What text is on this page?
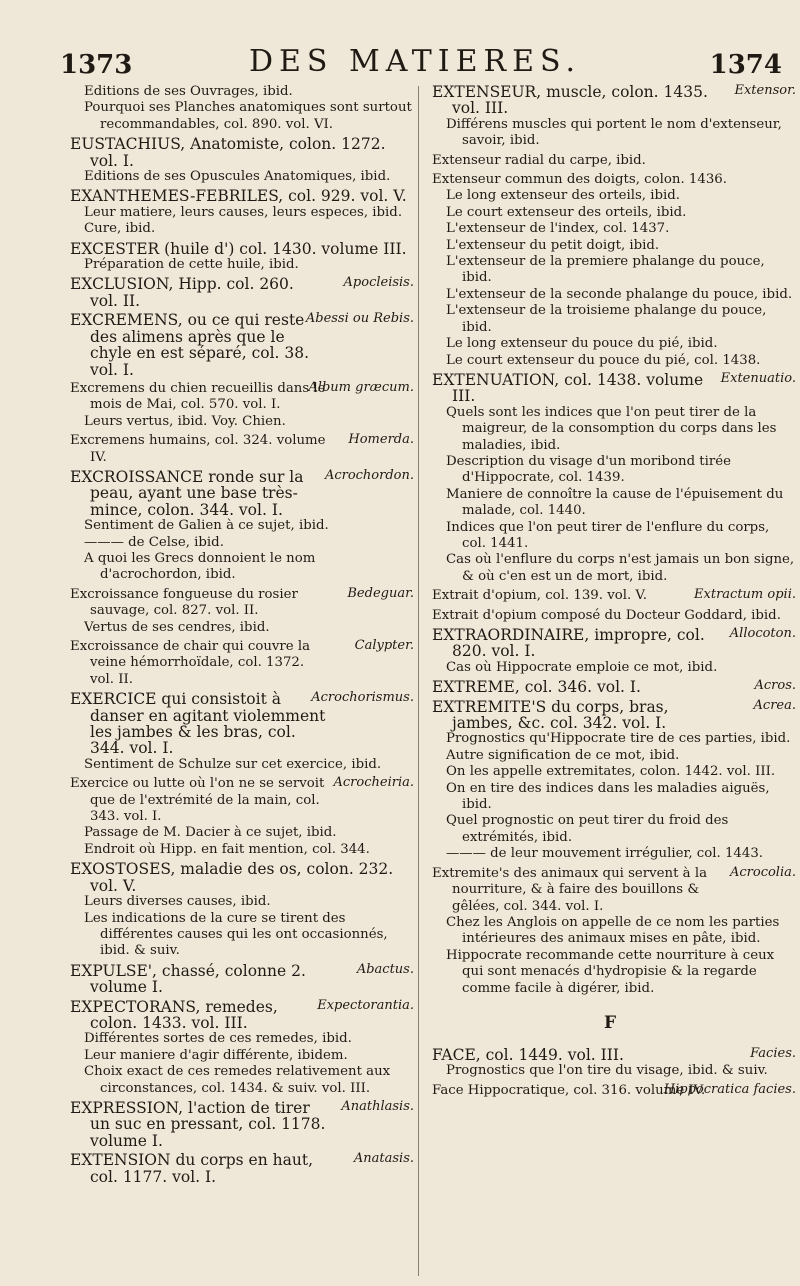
1373	DES MATIERES.	1374
Editions de ses Ouvrages, ibid.
Pourquoi ses Planches anatomiques sont surtout recommandables, col. 890. vol. VI.
EUSTACHIUS, Anatomiste, colon. 1272. vol. I.
Editions de ses Opuscules Anatomiques, ibid.
EXANTHEMES-FEBRILES, col. 929. vol. V.
Leur matiere, leurs causes, leurs especes, ibid.
Cure, ibid.
EXCESTER (huile d') col. 1430. volume III.
Préparation de cette huile, ibid.
Apocleisis.
EXCLUSION, Hipp. col. 260. vol. II.
Abessi ou Rebis.
EXCREMENS, ou ce qui reste des alimens après que le chyle en est séparé, col. 38. vol. I.
Album græcum.
Excremens du chien recueillis dans le mois de Mai, col. 570. vol. I.
Leurs vertus, ibid. Voy. Chien.
Homerda.
Excremens humains, col. 324. volume IV.
Acrochordon.
EXCROISSANCE ronde sur la peau, ayant une base très-mince, colon. 344. vol. I.
Sentiment de Galien à ce sujet, ibid.
——— de Celse, ibid.
A quoi les Grecs donnoient le nom d'acrochordon, ibid.
Bedeguar.
Excroissance fongueuse du rosier sauvage, col. 827. vol. II.
Vertus de ses cendres, ibid.
Calypter.
Excroissance de chair qui couvre la veine hémorrhoïdale, col. 1372. vol. II.
Acrochorismus.
EXERCICE qui consistoit à danser en agitant violemment les jambes & les bras, col. 344. vol. I.
Sentiment de Schulze sur cet exercice, ibid.
Acrocheiria.
Exercice ou lutte où l'on ne se servoit que de l'extrémité de la main, col. 343. vol. I.
Passage de M. Dacier à ce sujet, ibid.
Endroit où Hipp. en fait mention, col. 344.
EXOSTOSES, maladie des os, colon. 232. vol. V.
Leurs diverses causes, ibid.
Les indications de la cure se tirent des différentes causes qui les ont occasionnés, ibid. & suiv.
Abactus.
EXPULSE', chassé, colonne 2. volume I.
Expectorantia.
EXPECTORANS, remedes, colon. 1433. vol. III.
Différentes sortes de ces remedes, ibid.
Leur maniere d'agir différente, ibidem.
Choix exact de ces remedes relativement aux circonstances, col. 1434. & suiv. vol. III.
Anathlasis.
EXPRESSION, l'action de tirer un suc en pressant, col. 1178. volume I.
Anatasis.
EXTENSION du corps en haut, col. 1177. vol. I.
Extensor.
EXTENSEUR, muscle, colon. 1435. vol. III.
Différens muscles qui portent le nom d'extenseur, savoir, ibid.
Extenseur radial du carpe, ibid.
Extenseur commun des doigts, colon. 1436.
Le long extenseur des orteils, ibid.
Le court extenseur des orteils, ibid.
L'extenseur de l'index, col. 1437.
L'extenseur du petit doigt, ibid.
L'extenseur de la premiere phalange du pouce, ibid.
L'extenseur de la seconde phalange du pouce, ibid.
L'extenseur de la troisieme phalange du pouce, ibid.
Le long extenseur du pouce du pié, ibid.
Le court extenseur du pouce du pié, col. 1438.
Extenuatio.
EXTENUATION, col. 1438. volume III.
Quels sont les indices que l'on peut tirer de la maigreur, de la consomption du corps dans les maladies, ibid.
Description du visage d'un moribond tirée d'Hippocrate, col. 1439.
Maniere de connoître la cause de l'épuisement du malade, col. 1440.
Indices que l'on peut tirer de l'enflure du corps, col. 1441.
Cas où l'enflure du corps n'est jamais un bon signe, & où c'en est un de mort, ibid.
Extractum opii.
Extrait d'opium, col. 139. vol. V.
Extrait d'opium composé du Docteur Goddard, ibid.
Allocoton.
EXTRAORDINAIRE, impropre, col. 820. vol. I.
Cas où Hippocrate emploie ce mot, ibid.
Acros.
EXTREME, col. 346. vol. I.
Acrea.
EXTREMITE'S du corps, bras, jambes, &c. col. 342. vol. I.
Prognostics qu'Hippocrate tire de ces parties, ibid.
Autre signification de ce mot, ibid.
On les appelle extremitates, colon. 1442. vol. III.
On en tire des indices dans les maladies aiguës, ibid.
Quel prognostic on peut tirer du froid des extrémités, ibid.
——— de leur mouvement irrégulier, col. 1443.
Acrocolia.
Extremite's des animaux qui servent à la nourriture, & à faire des bouillons & gêlées, col. 344. vol. I.
Chez les Anglois on appelle de ce nom les parties intérieures des animaux mises en pâte, ibid.
Hippocrate recommande cette nourriture à ceux qui sont menacés d'hydropisie & la regarde comme facile à digérer, ibid.
F
Facies.
FACE, col. 1449. vol. III.
Prognostics que l'on tire du visage, ibid. & suiv.
Hippocratica facies.
Face Hippocratique, col. 316. volume IV.
